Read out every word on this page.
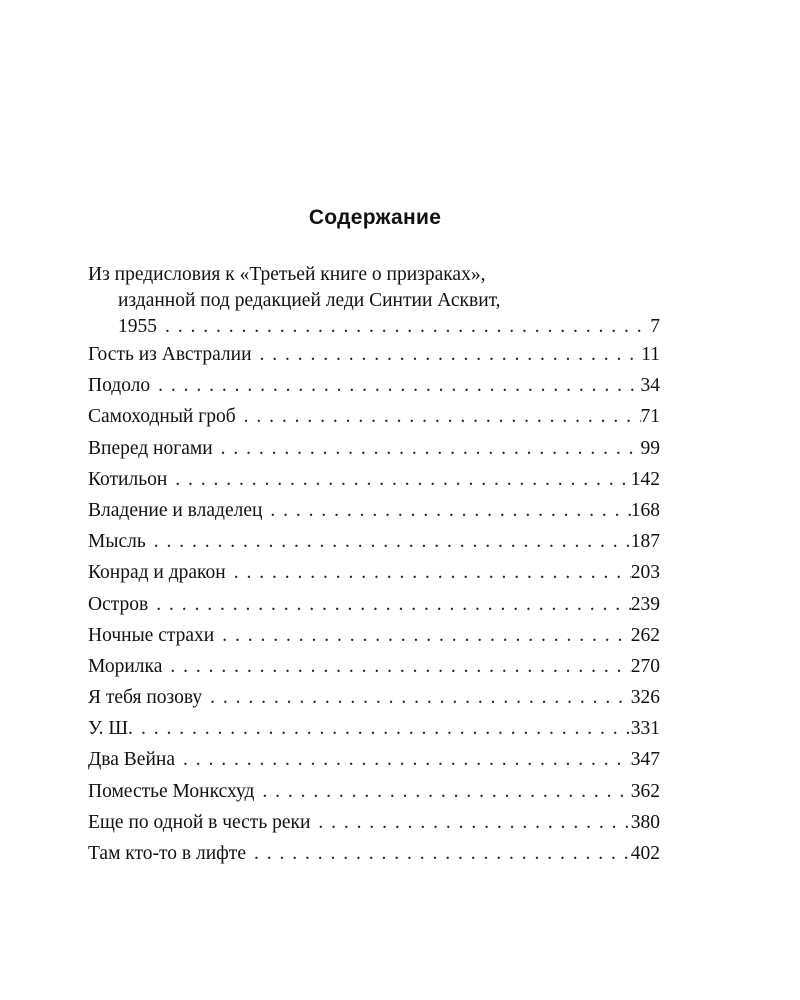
Содержание
Из предисловия к «Третьей книге о призраках»,
изданной под редакцией леди Синтии Асквит,
1955 . . .	7
Гость из Австралии . . .	11
Подоло . . .	34
Самоходный гроб . . .	71
Вперед ногами . . .	99
Котильон . . .	142
Владение и владелец . . .	168
Мысль . . .	187
Конрад и дракон . . .	203
Остров . . .	239
Ночные страхи . . .	262
Морилка . . .	270
Я тебя позову . . .	326
У. Ш. . . .	331
Два Вейна . . .	347
Поместье Монксхуд . . .	362
Еще по одной в честь реки . . .	380
Там кто-то в лифте . . .	402
